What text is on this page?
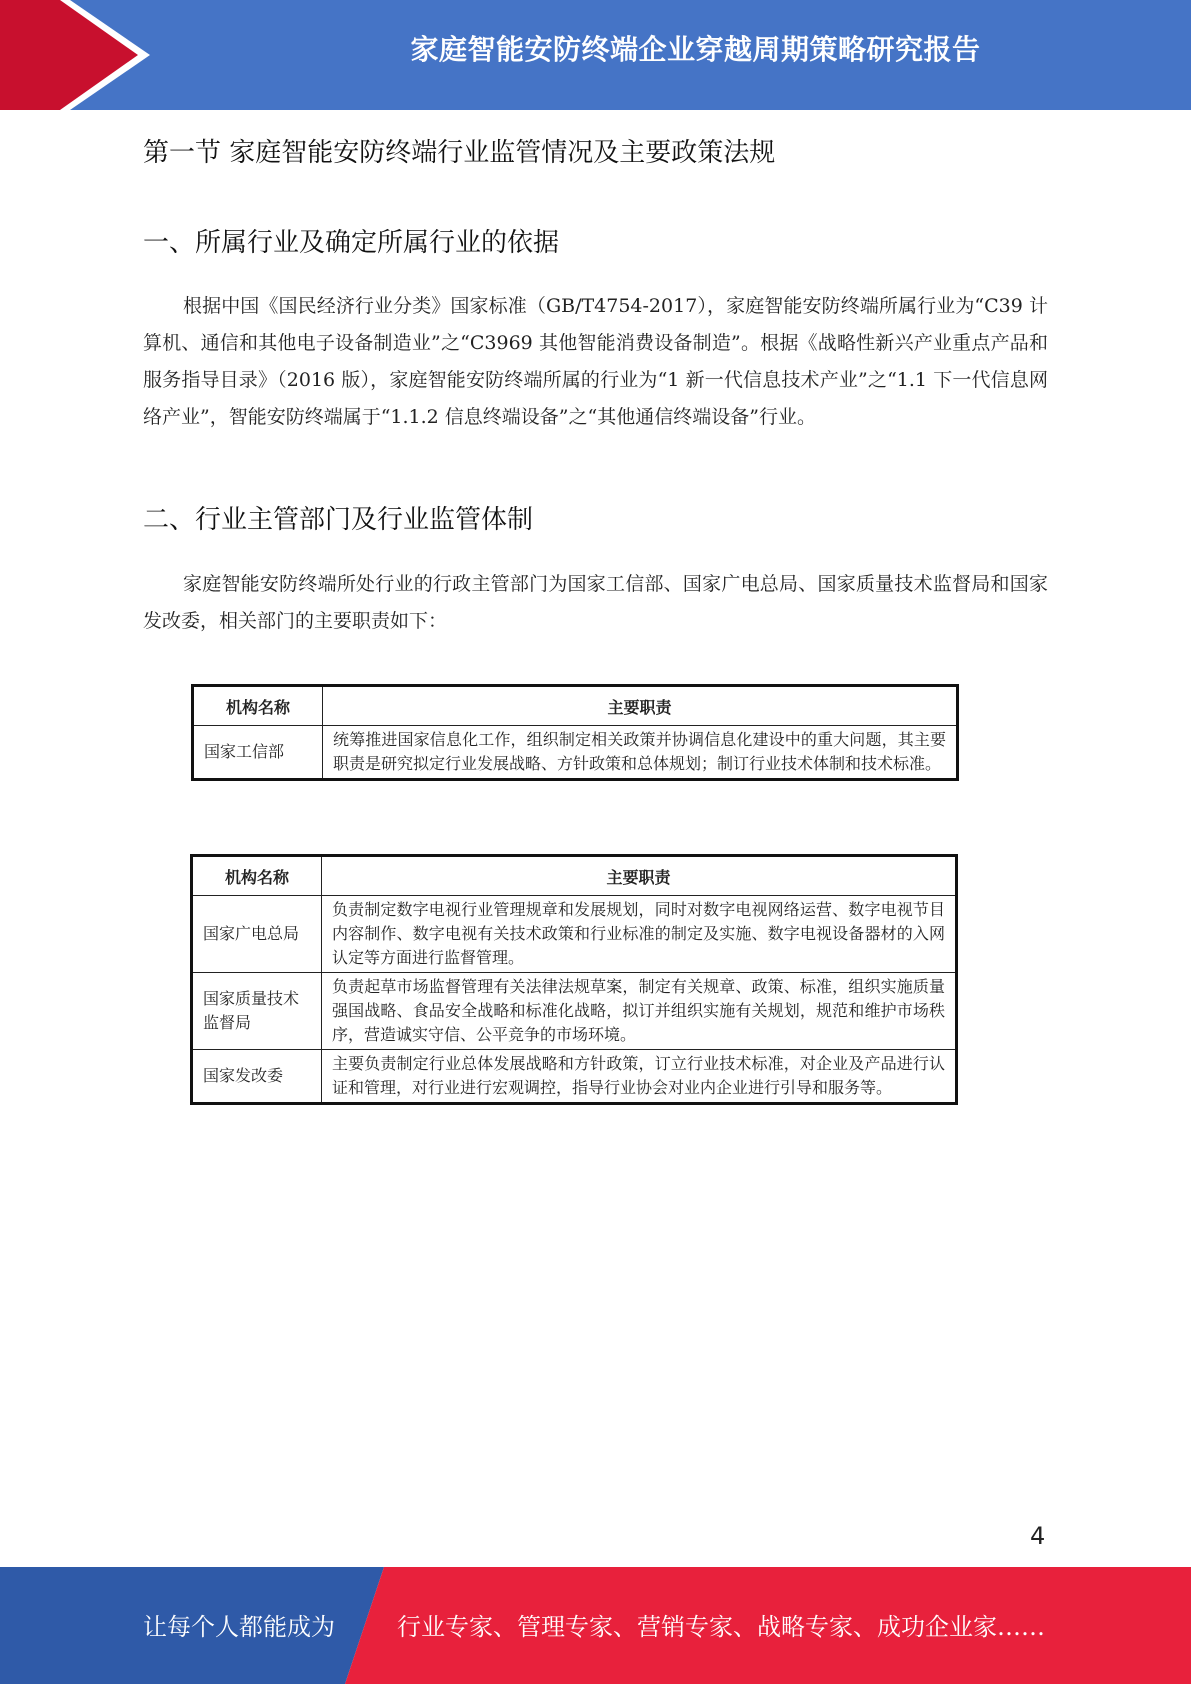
家庭智能安防终端企业穿越周期策略研究报告
第一节 家庭智能安防终端行业监管情况及主要政策法规
一、所属行业及确定所属行业的依据
根据中国《国民经济行业分类》国家标准（GB/T4754-2017），家庭智能安防终端所属行业为“C39 计算机、通信和其他电子设备制造业”之“C3969 其他智能消费设备制造”。根据《战略性新兴产业重点产品和服务指导目录》（2016 版），家庭智能安防终端所属的行业为“1 新一代信息技术产业”之“1.1 下一代信息网络产业”，智能安防终端属于“1.1.2 信息终端设备”之“其他通信终端设备”行业。
二、行业主管部门及行业监管体制
家庭智能安防终端所处行业的行政主管部门为国家工信部、国家广电总局、国家质量技术监督局和国家发改委，相关部门的主要职责如下：
机构名称	主要职责
国家工信部	统筹推进国家信息化工作，组织制定相关政策并协调信息化建设中的重大问题，其主要职责是研究拟定行业发展战略、方针政策和总体规划；制订行业技术体制和技术标准。
机构名称	主要职责
国家广电总局	负责制定数字电视行业管理规章和发展规划，同时对数字电视网络运营、数字电视节目内容制作、数字电视有关技术政策和行业标准的制定及实施、数字电视设备器材的入网认定等方面进行监督管理。
国家质量技术监督局	负责起草市场监督管理有关法律法规草案，制定有关规章、政策、标准，组织实施质量强国战略、食品安全战略和标准化战略，拟订并组织实施有关规划，规范和维护市场秩序，营造诚实守信、公平竞争的市场环境。
国家发改委	主要负责制定行业总体发展战略和方针政策，订立行业技术标准，对企业及产品进行认证和管理，对行业进行宏观调控，指导行业协会对业内企业进行引导和服务等。
4
让每个人都能成为	行业专家、管理专家、营销专家、战略专家、成功企业家……
